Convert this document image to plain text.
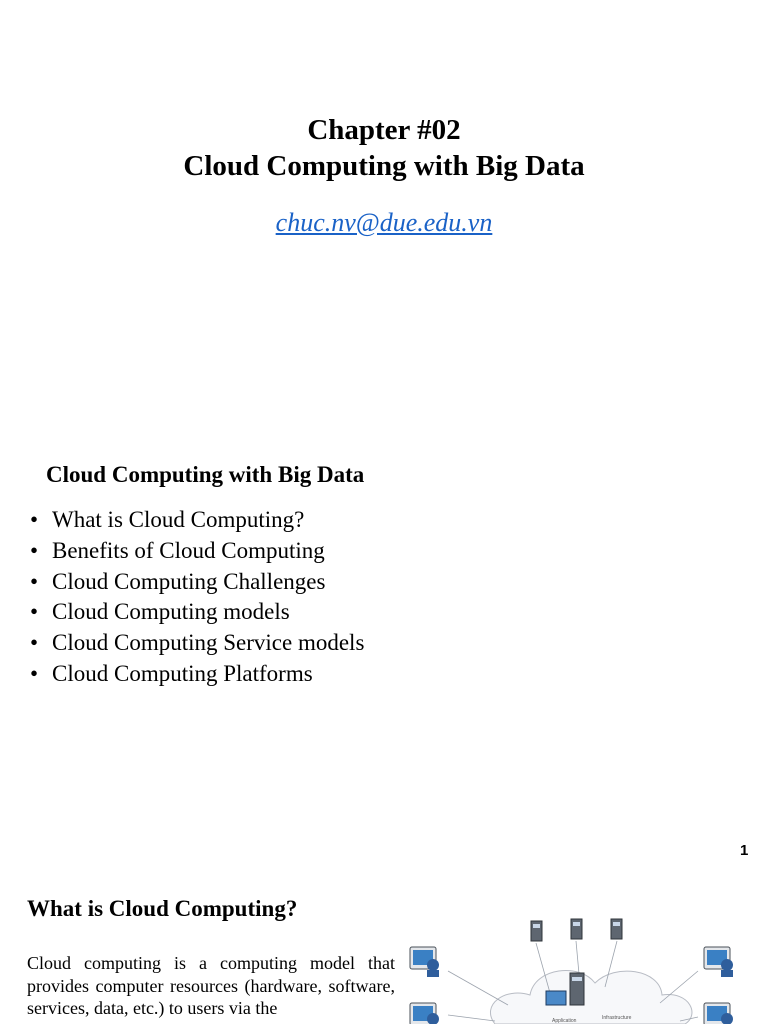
Chapter #02
Cloud Computing with Big Data
chuc.nv@due.edu.vn
Cloud Computing with Big Data
• What is Cloud Computing?
• Benefits of Cloud Computing
• Cloud Computing Challenges
• Cloud Computing models
• Cloud Computing Service models
• Cloud Computing Platforms
1
What is Cloud Computing?

Cloud computing is a computing model that provides computer resources (hardware, software, services, data, etc.) to users via the

Application	Infrastructure
